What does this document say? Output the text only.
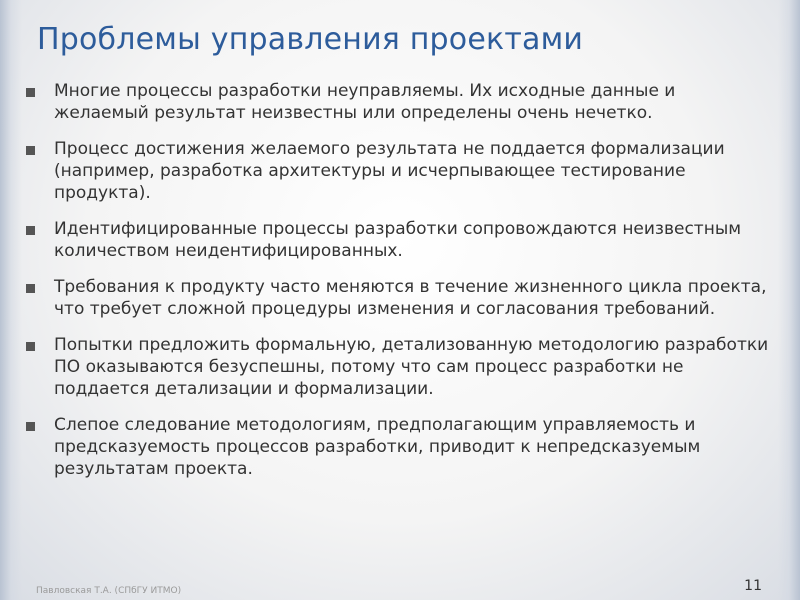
Проблемы управления проектами
Многие процессы разработки неуправляемы. Их исходные данные и желаемый результат неизвестны или определены очень нечетко.
Процесс достижения желаемого результата не поддается формализации (например, разработка архитектуры и исчерпывающее тестирование продукта).
Идентифицированные процессы разработки сопровождаются неизвестным количеством неидентифицированных.
Требования к продукту часто меняются в течение жизненного цикла проекта, что требует сложной процедуры изменения и согласования требований.
Попытки предложить формальную, детализованную методологию разработки ПО оказываются безуспешны, потому что сам процесс разработки не поддается детализации и формализации.
Слепое следование методологиям, предполагающим управляемость и предсказуемость процессов разработки, приводит к непредсказуемым результатам проекта.
Павловская Т.А. (СПбГУ ИТМО)	11
